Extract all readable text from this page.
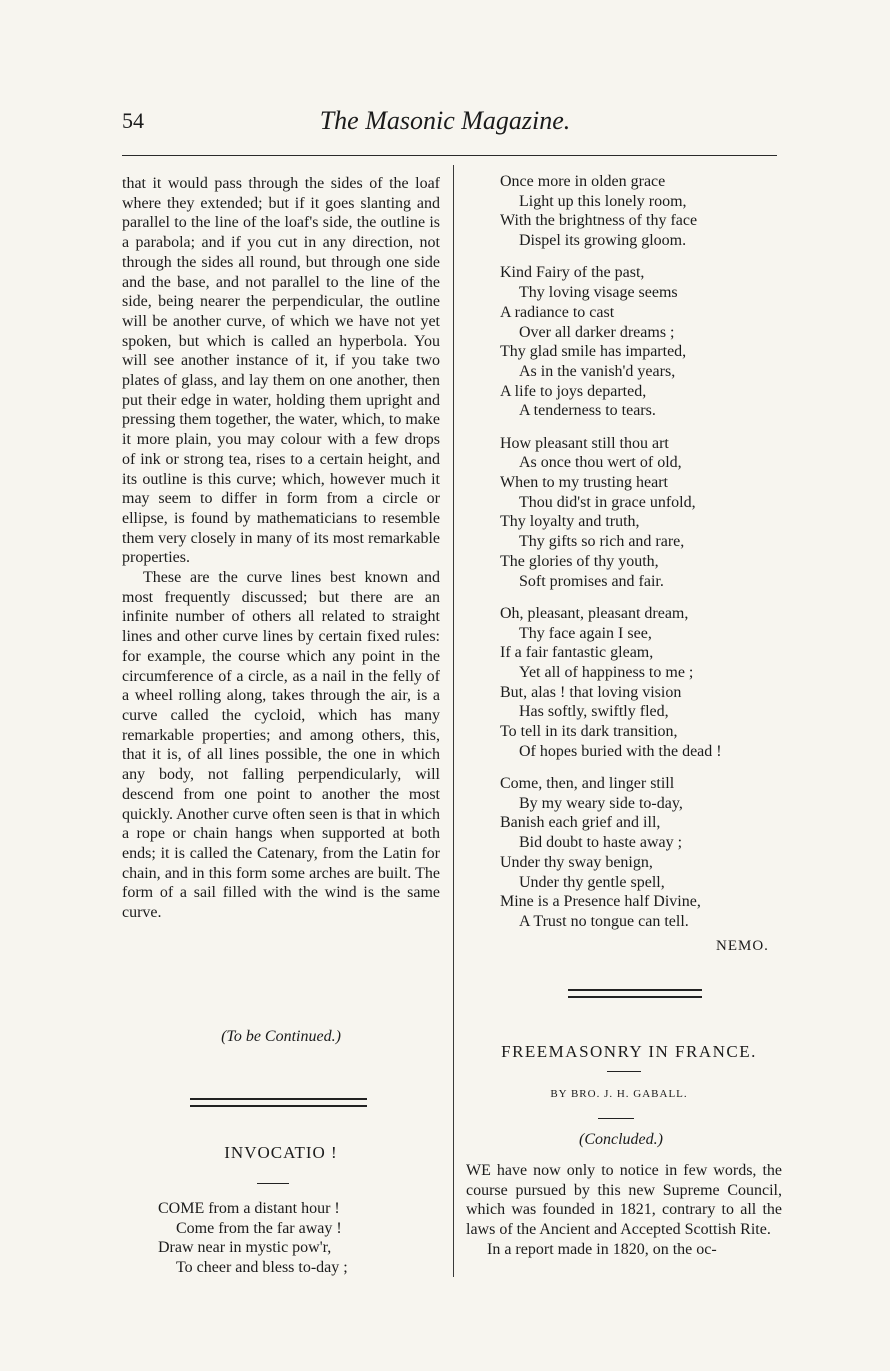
54	The Masonic Magazine.

that it would pass through the sides of the loaf where they extended; but if it goes slanting and parallel to the line of the loaf's side, the outline is a parabola; and if you cut in any direction, not through the sides all round, but through one side and the base, and not parallel to the line of the side, being nearer the perpendicular, the outline will be another curve, of which we have not yet spoken, but which is called an hyperbola. You will see another instance of it, if you take two plates of glass, and lay them on one another, then put their edge in water, holding them upright and pressing them together, the water, which, to make it more plain, you may colour with a few drops of ink or strong tea, rises to a certain height, and its outline is this curve; which, however much it may seem to differ in form from a circle or ellipse, is found by mathematicians to resemble them very closely in many of its most remarkable properties.

These are the curve lines best known and most frequently discussed; but there are an infinite number of others all related to straight lines and other curve lines by certain fixed rules: for example, the course which any point in the circumference of a circle, as a nail in the felly of a wheel rolling along, takes through the air, is a curve called the cycloid, which has many remarkable properties; and among others, this, that it is, of all lines possible, the one in which any body, not falling perpendicularly, will descend from one point to another the most quickly. Another curve often seen is that in which a rope or chain hangs when supported at both ends; it is called the Catenary, from the Latin for chain, and in this form some arches are built. The form of a sail filled with the wind is the same curve.

(To be Continued.)
INVOCATIO !
COME from a distant hour !
Come from the far away !
Draw near in mystic pow'r,
To cheer and bless to-day ;
Once more in olden grace
Light up this lonely room,
With the brightness of thy face
Dispel its growing gloom.
Kind Fairy of the past,
Thy loving visage seems
A radiance to cast
Over all darker dreams ;
Thy glad smile has imparted,
As in the vanish'd years,
A life to joys departed,
A tenderness to tears.
How pleasant still thou art
As once thou wert of old,
When to my trusting heart
Thou did'st in grace unfold,
Thy loyalty and truth,
Thy gifts so rich and rare,
The glories of thy youth,
Soft promises and fair.
Oh, pleasant, pleasant dream,
Thy face again I see,
If a fair fantastic gleam,
Yet all of happiness to me ;
But, alas ! that loving vision
Has softly, swiftly fled,
To tell in its dark transition,
Of hopes buried with the dead !
Come, then, and linger still
By my weary side to-day,
Banish each grief and ill,
Bid doubt to haste away ;
Under thy sway benign,
Under thy gentle spell,
Mine is a Presence half Divine,
A Trust no tongue can tell.
NEMO.
FREEMASONRY IN FRANCE.
BY BRO. J. H. GABALL.
(Concluded.)

WE have now only to notice in few words, the course pursued by this new Supreme Council, which was founded in 1821, contrary to all the laws of the Ancient and Accepted Scottish Rite.

In a report made in 1820, on the oc-
